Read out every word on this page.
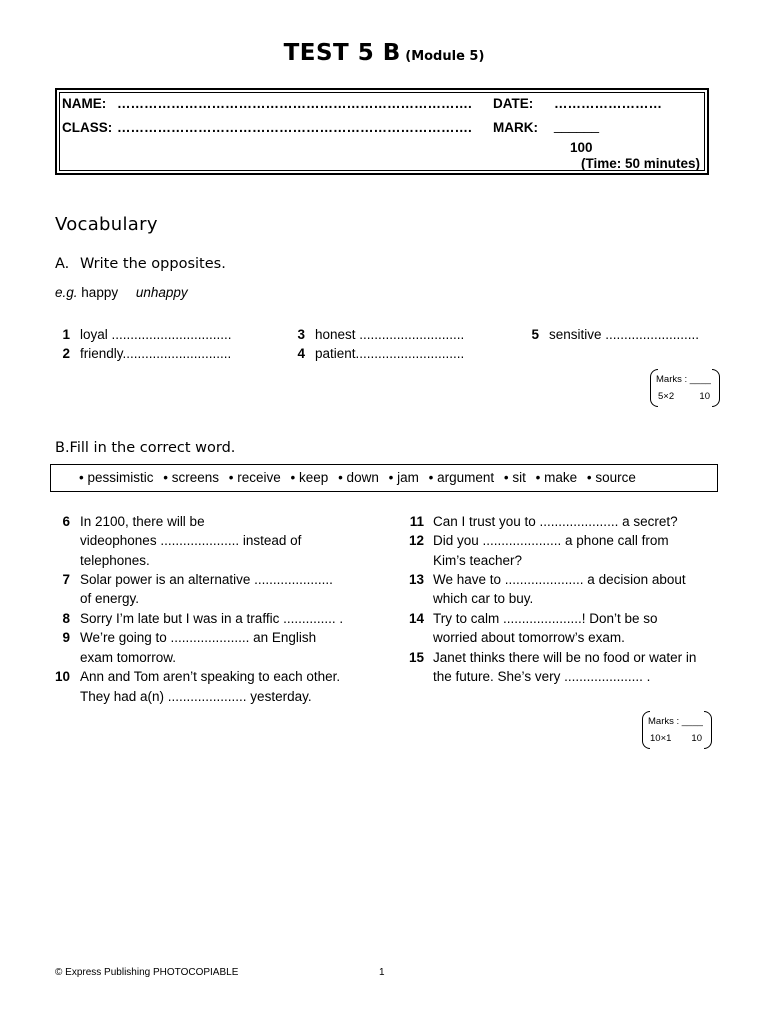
TEST 5 B (Module 5)
NAME: ……………………………………………………………………. DATE: ……………………
CLASS: ……………………………………………………………………. MARK: ______
100
(Time: 50 minutes)
Vocabulary
A. Write the opposites.
e.g. happy unhappy
1 loyal ................................
2 friendly.............................
3 honest ............................
4 patient.............................
5 sensitive .........................
Marks : ____
5×2	10
B.Fill in the correct word.
• pessimistic • screens • receive • keep • down • jam • argument • sit • make • source
6 In 2100, there will be
videophones ..................... instead of
telephones.
7 Solar power is an alternative .....................
of energy.
8 Sorry I’m late but I was in a traffic .............. .
9 We’re going to ..................... an English
exam tomorrow.
10 Ann and Tom aren’t speaking to each other.
They had a(n) ..................... yesterday.
11 Can I trust you to ..................... a secret?
12 Did you ..................... a phone call from
Kim’s teacher?
13 We have to ..................... a decision about
which car to buy.
14 Try to calm .....................! Don’t be so
worried about tomorrow’s exam.
15 Janet thinks there will be no food or water in
the future. She’s very ..................... .
Marks : ____
10×1 10
© Express Publishing PHOTOCOPIABLE	1
